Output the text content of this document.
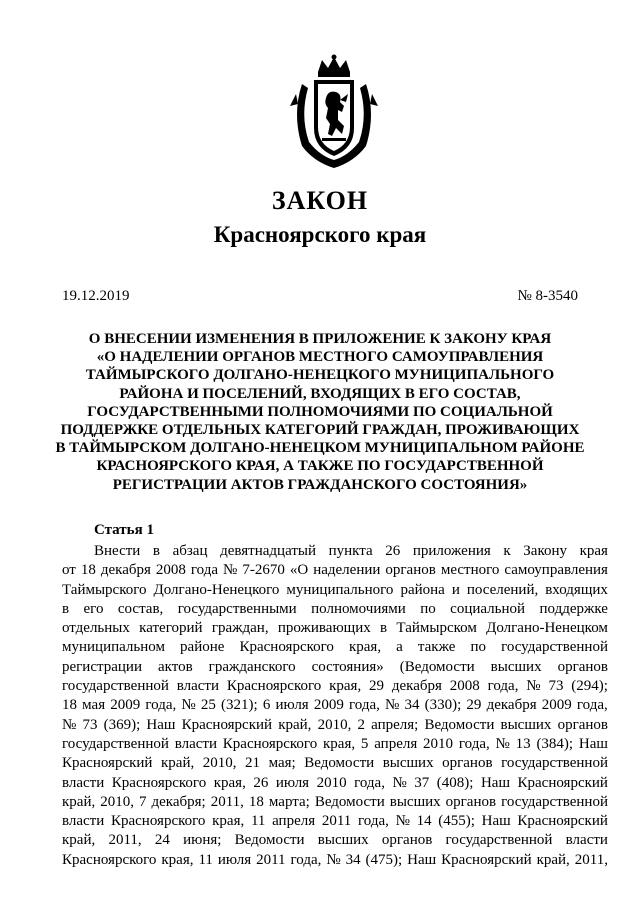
ЗАКОН
Красноярского края
19.12.2019	№ 8-3540
О ВНЕСЕНИИ ИЗМЕНЕНИЯ В ПРИЛОЖЕНИЕ К ЗАКОНУ КРАЯ
«О НАДЕЛЕНИИ ОРГАНОВ МЕСТНОГО САМОУПРАВЛЕНИЯ
ТАЙМЫРСКОГО ДОЛГАНО-НЕНЕЦКОГО МУНИЦИПАЛЬНОГО
РАЙОНА И ПОСЕЛЕНИЙ, ВХОДЯЩИХ В ЕГО СОСТАВ,
ГОСУДАРСТВЕННЫМИ ПОЛНОМОЧИЯМИ ПО СОЦИАЛЬНОЙ
ПОДДЕРЖКЕ ОТДЕЛЬНЫХ КАТЕГОРИЙ ГРАЖДАН, ПРОЖИВАЮЩИХ
В ТАЙМЫРСКОМ ДОЛГАНО-НЕНЕЦКОМ МУНИЦИПАЛЬНОМ РАЙОНЕ
КРАСНОЯРСКОГО КРАЯ, А ТАКЖЕ ПО ГОСУДАРСТВЕННОЙ
РЕГИСТРАЦИИ АКТОВ ГРАЖДАНСКОГО СОСТОЯНИЯ»
Статья 1
Внести в абзац девятнадцатый пункта 26 приложения к Закону края
от 18 декабря 2008 года № 7-2670 «О наделении органов местного самоуправления
Таймырского Долгано-Ненецкого муниципального района и поселений, входящих
в его состав, государственными полномочиями по социальной поддержке
отдельных категорий граждан, проживающих в Таймырском Долгано-Ненецком
муниципальном районе Красноярского края, а также по государственной
регистрации актов гражданского состояния» (Ведомости высших органов
государственной власти Красноярского края, 29 декабря 2008 года, № 73 (294);
18 мая 2009 года, № 25 (321); 6 июля 2009 года, № 34 (330); 29 декабря 2009 года,
№ 73 (369); Наш Красноярский край, 2010, 2 апреля; Ведомости высших органов
государственной власти Красноярского края, 5 апреля 2010 года, № 13 (384); Наш
Красноярский край, 2010, 21 мая; Ведомости высших органов государственной
власти Красноярского края, 26 июля 2010 года, № 37 (408); Наш Красноярский
край, 2010, 7 декабря; 2011, 18 марта; Ведомости высших органов государственной
власти Красноярского края, 11 апреля 2011 года, № 14 (455); Наш Красноярский
край, 2011, 24 июня; Ведомости высших органов государственной власти
Красноярского края, 11 июля 2011 года, № 34 (475); Наш Красноярский край, 2011,
